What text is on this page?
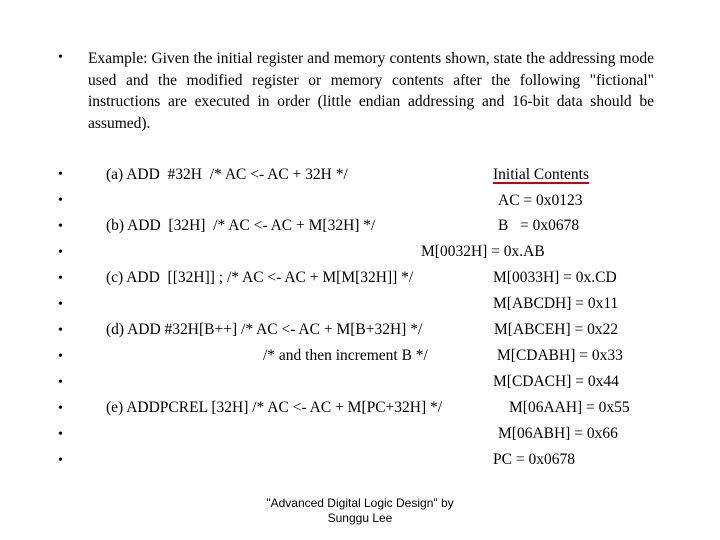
•
•
•
•
•
•
•
•
•
•
•
•
•
Example: Given the initial register and memory contents shown, state the addressing mode used and the modified register or memory contents after the following "fictional" instructions are executed in order (little endian addressing and 16-bit data should be assumed).
(a) ADD  #32H  /* AC <- AC + 32H */
(b) ADD  [32H]  /* AC <- AC + M[32H] */
(c) ADD  [[32H]] ; /* AC <- AC + M[M[32H]] */
(d) ADD #32H[B++] /* AC <- AC + M[B+32H] */
/* and then increment B */
(e) ADDPCREL [32H] /* AC <- AC + M[PC+32H] */
Initial Contents
AC = 0x0123
B   = 0x0678
M[0032H] = 0x.AB
M[0033H] = 0x.CD
M[ABCDH] = 0x11
M[ABCEH] = 0x22
M[CDABH] = 0x33
M[CDACH] = 0x44
M[06AAH] = 0x55
M[06ABH] = 0x66
PC = 0x0678
"Advanced Digital Logic Design" by
Sunggu Lee
